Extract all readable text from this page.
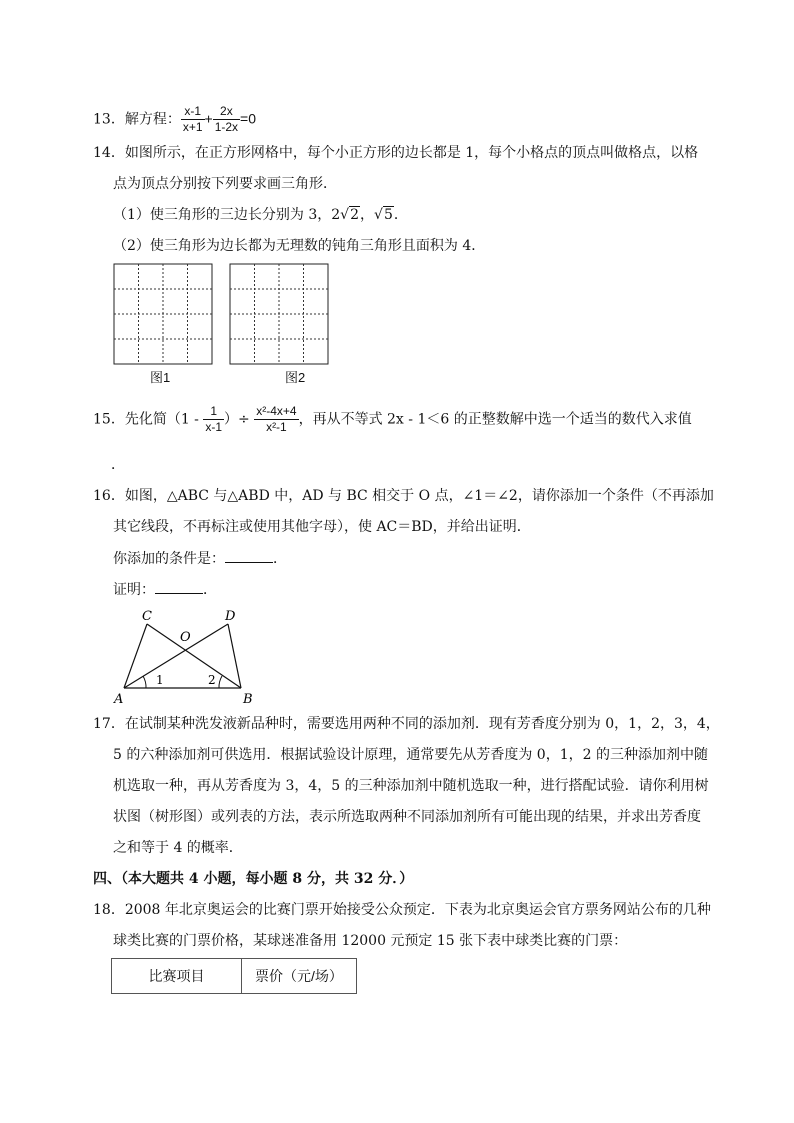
13．解方程： $\frac{x-1}{x+1} + \frac{2x}{1-2x} =0$
14．如图所示，在正方形网格中，每个小正方形的边长都是 1，每个小格点的顶点叫做格点，以格
点为顶点分别按下列要求画三角形．
（1）使三角形的三边长分别为 3，2√2，√5．
（2）使三角形为边长都为无理数的钝角三角形且面积为 4．
图1	图2
15．先化简（$1 - \frac{1}{x-1}$ ）÷ $\frac{\text{x²-4x+4}}{\text{x²-1}}$ ，再从不等式 2x - 1＜6 的正整数解中选一个适当的数代入求值
．
16．如图，△ABC 与△ABD 中，AD 与 BC 相交于 O 点，∠1＝∠2，请你添加一个条件（不再添加
其它线段，不再标注或使用其他字母），使 AC＝BD，并给出证明．
你添加的条件是：	．
证明：	．
A	B
C	D
O
1	2
17．在试制某种洗发液新品种时，需要选用两种不同的添加剂．现有芳香度分别为 0，1，2，3，4，
5 的六种添加剂可供选用．根据试验设计原理，通常要先从芳香度为 0，1，2 的三种添加剂中随
机选取一种，再从芳香度为 3，4，5 的三种添加剂中随机选取一种，进行搭配试验．请你利用树
状图（树形图）或列表的方法，表示所选取两种不同添加剂所有可能出现的结果，并求出芳香度
之和等于 4 的概率．
四、（本大题共 4 小题，每小题 8 分，共 32 分．）
18．2008 年北京奥运会的比赛门票开始接受公众预定．下表为北京奥运会官方票务网站公布的几种
球类比赛的门票价格，某球迷准备用 12000 元预定 15 张下表中球类比赛的门票：
比赛项目	票价（元/场）
